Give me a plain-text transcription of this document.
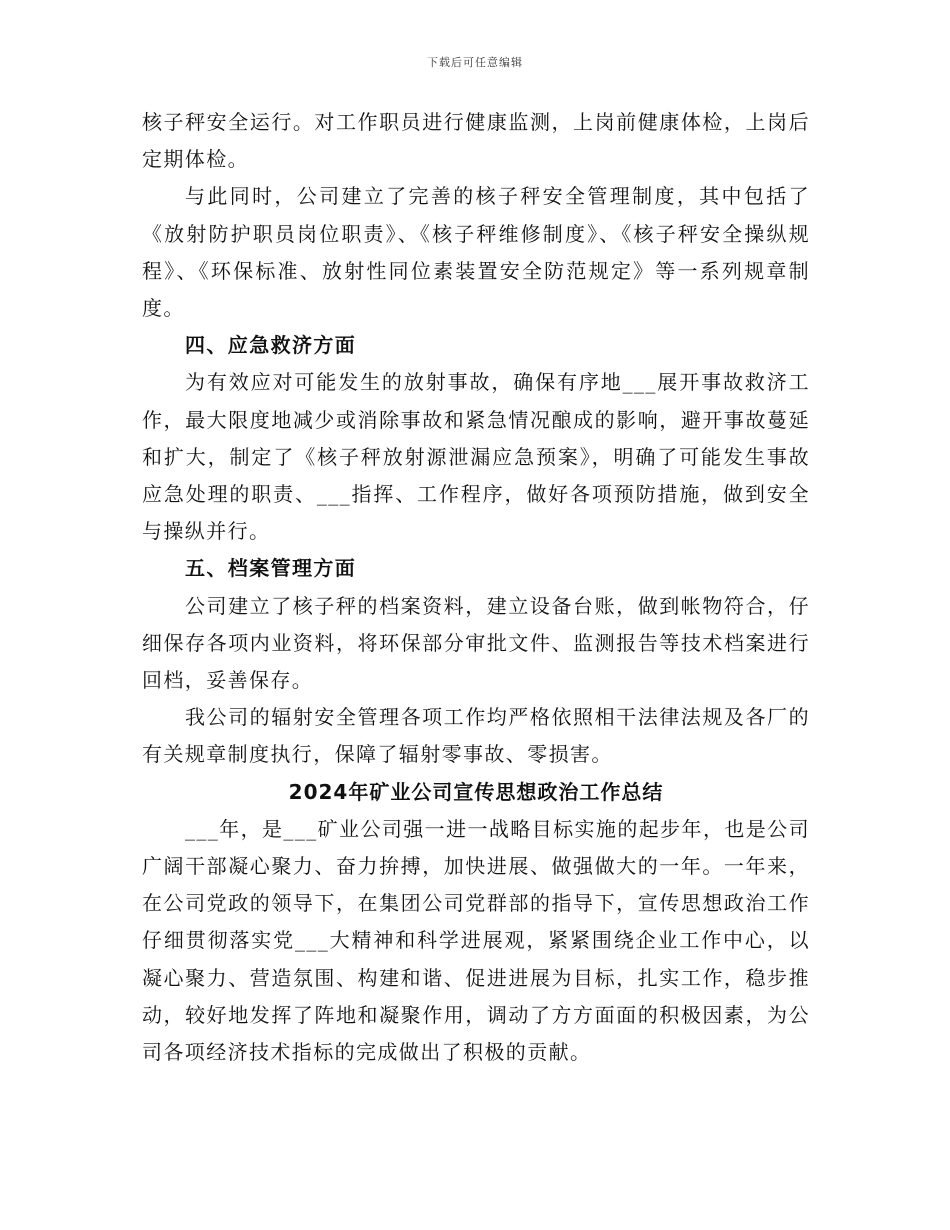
下载后可任意编辑

核子秤安全运行。对工作职员进行健康监测，上岗前健康体检，上岗后定期体检。

与此同时，公司建立了完善的核子秤安全管理制度，其中包括了《放射防护职员岗位职责》、《核子秤维修制度》、《核子秤安全操纵规程》、《环保标准、放射性同位素装置安全防范规定》等一系列规章制度。

四、应急救济方面

为有效应对可能发生的放射事故，确保有序地___展开事故救济工作，最大限度地减少或消除事故和紧急情况酿成的影响，避开事故蔓延和扩大，制定了《核子秤放射源泄漏应急预案》，明确了可能发生事故应急处理的职责、___指挥、工作程序，做好各项预防措施，做到安全与操纵并行。

五、档案管理方面

公司建立了核子秤的档案资料，建立设备台账，做到帐物符合，仔细保存各项内业资料，将环保部分审批文件、监测报告等技术档案进行回档，妥善保存。

我公司的辐射安全管理各项工作均严格依照相干法律法规及各厂的有关规章制度执行，保障了辐射零事故、零损害。

2024年矿业公司宣传思想政治工作总结

___年，是___矿业公司强一进一战略目标实施的起步年，也是公司广阔干部凝心聚力、奋力拚搏，加快进展、做强做大的一年。一年来，在公司党政的领导下，在集团公司党群部的指导下，宣传思想政治工作仔细贯彻落实党___大精神和科学进展观，紧紧围绕企业工作中心，以凝心聚力、营造氛围、构建和谐、促进进展为目标，扎实工作，稳步推动，较好地发挥了阵地和凝聚作用，调动了方方面面的积极因素，为公司各项经济技术指标的完成做出了积极的贡献。
